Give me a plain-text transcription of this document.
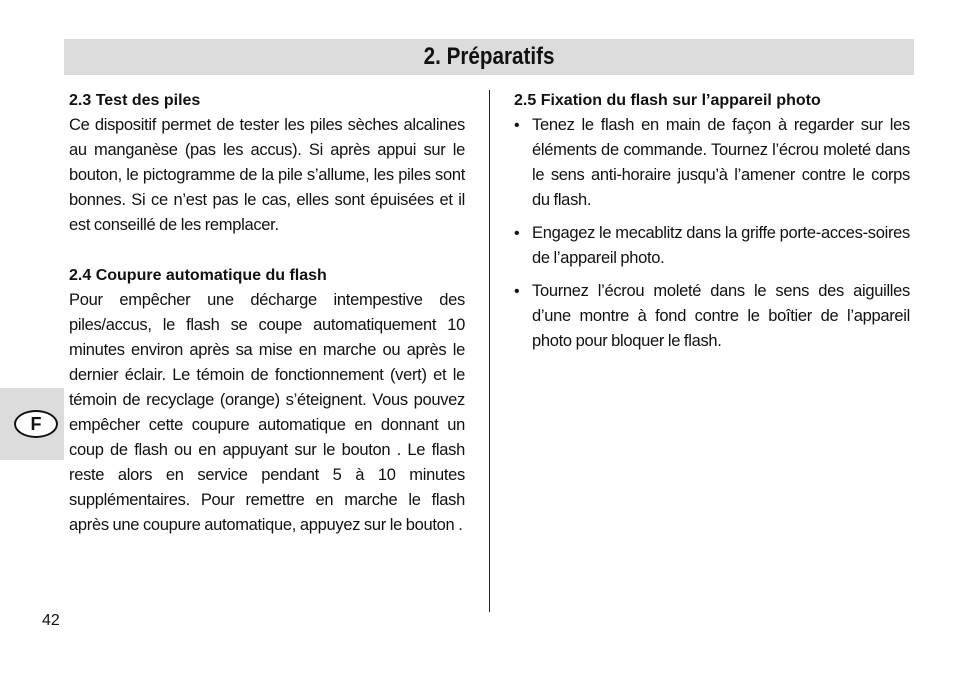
2. Préparatifs

2.3 Test des piles

Ce dispositif permet de tester les piles sèches alcalines au manganèse (pas les accus). Si après appui sur le bouton, le pictogramme de la pile s’allume, les piles sont bonnes. Si ce n’est pas le cas, elles sont épuisées et il est conseillé de les remplacer.

2.4 Coupure automatique du flash

Pour empêcher une décharge intempestive des piles/accus, le flash se coupe automatiquement 10 minutes environ après sa mise en marche ou après le dernier éclair. Le témoin de fonctionnement (vert) et le témoin de recyclage (orange) s’éteignent. Vous pouvez empêcher cette coupure automatique en donnant un coup de flash ou en appuyant sur le bouton . Le flash reste alors en service pendant 5 à 10 minutes supplémentaires. Pour remettre en marche le flash après une coupure automatique, appuyez sur le bouton .

2.5 Fixation du flash sur l’appareil photo

• Tenez le flash en main de façon à regarder sur les éléments de commande. Tournez l’écrou moleté dans le sens anti-horaire jusqu’à l’amener contre le corps du flash.

• Engagez le mecablitz dans la griffe porte-acces-soires de l’appareil photo.

• Tournez l’écrou moleté dans le sens des aiguilles d’une montre à fond contre le boîtier de l’appareil photo pour bloquer le flash.

F
42
